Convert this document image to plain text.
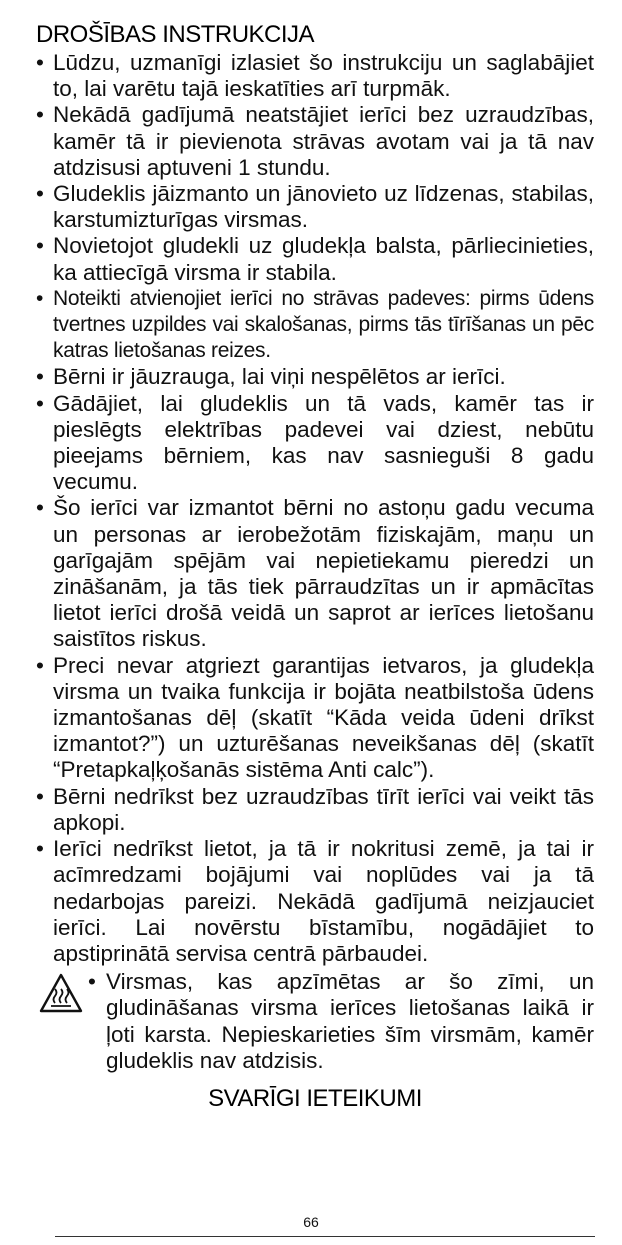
DROŠĪBAS INSTRUKCIJA
• Lūdzu, uzmanīgi izlasiet šo instrukciju un saglabājiet to, lai varētu tajā ieskatīties arī turpmāk.
• Nekādā gadījumā neatstājiet ierīci bez uzraudzības, kamēr tā ir pievienota strāvas avotam vai ja tā nav atdzisusi aptuveni 1 stundu.
• Gludeklis jāizmanto un jānovieto uz līdzenas, stabilas, karstumizturīgas virsmas.
• Novietojot gludekli uz gludekļa balsta, pārliecinieties, ka attiecīgā virsma ir stabila.
• Noteikti atvienojiet ierīci no strāvas padeves: pirms ūdens tvertnes uzpildes vai skalošanas, pirms tās tīrīšanas un pēc katras lietošanas reizes.
• Bērni ir jāuzrauga, lai viņi nespēlētos ar ierīci.
• Gādājiet, lai gludeklis un tā vads, kamēr tas ir pieslēgts elektrības padevei vai dziest, nebūtu pieejams bērniem, kas nav sasnieguši 8 gadu vecumu.
• Šo ierīci var izmantot bērni no astoņu gadu vecuma un personas ar ierobežotām fiziskajām, maņu un garīgajām spējām vai nepietiekamu pieredzi un zināšanām, ja tās tiek pārraudzītas un ir apmācītas lietot ierīci drošā veidā un saprot ar ierīces lietošanu saistītos riskus.
• Preci nevar atgriezt garantijas ietvaros, ja gludekļa virsma un tvaika funkcija ir bojāta neatbilstoša ūdens izmantošanas dēļ (skatīt “Kāda veida ūdeni drīkst izmantot?”) un uzturēšanas neveikšanas dēļ (skatīt “Pretapkaļķošanās sistēma Anti calc”).
• Bērni nedrīkst bez uzraudzības tīrīt ierīci vai veikt tās apkopi.
• Ierīci nedrīkst lietot, ja tā ir nokritusi zemē, ja tai ir acīmredzami bojājumi vai noplūdes vai ja tā nedarbojas pareizi. Nekādā gadījumā neizjauciet ierīci. Lai novērstu bīstamību, nogādājiet to apstiprinātā servisa centrā pārbaudei.
• Virsmas, kas apzīmētas ar šo zīmi, un gludināšanas virsma ierīces lietošanas laikā ir ļoti karsta. Nepieskarieties šīm virsmām, kamēr gludeklis nav atdzisis.
SVARĪGI IETEIKUMI
66
